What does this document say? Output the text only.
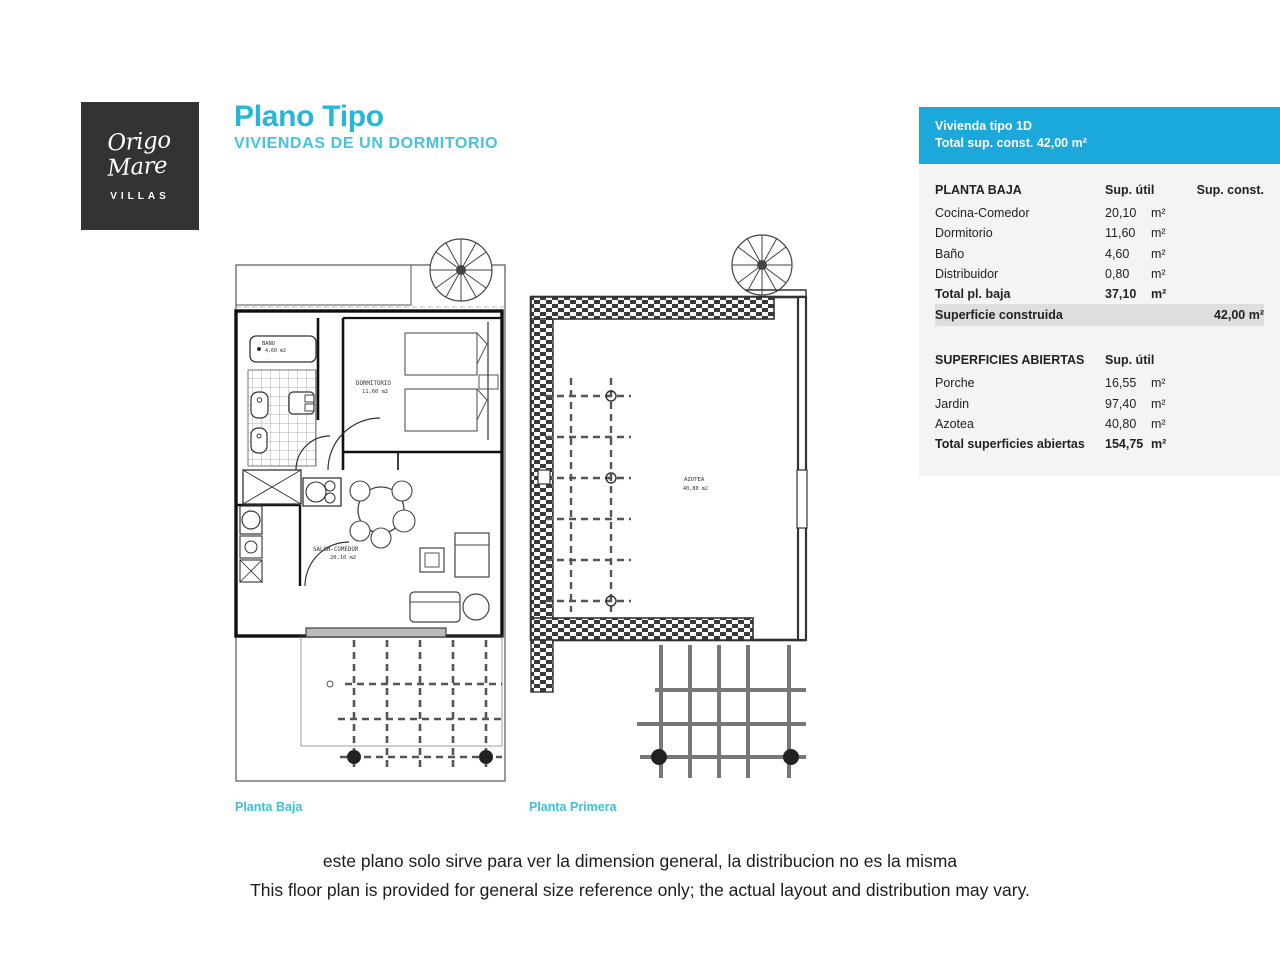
Origo
Mare
VILLAS
Plano Tipo
VIVIENDAS DE UN DORMITORIO
Vivienda tipo 1D
Total sup. const. 42,00 m²
PLANTA BAJA	Sup. útil		Sup. const.
Cocina-Comedor	20,10	m²	
Dormitorio	11,60	m²	
Baño	4,60	m²	
Distribuidor	0,80	m²	
Total pl. baja	37,10	m²	
Superficie construida			42,00 m²

SUPERFICIES ABIERTAS	Sup. útil		
Porche	16,55	m²	
Jardin	97,40	m²	
Azotea	40,80	m²	
Total superficies abiertas	154,75	m²	
BAÑO
4,60 m2
DORMITORIO
11,60 m2
SALON-COMEDOR
20,10 m2
AZOTEA
40,80 m2
Planta Baja	Planta Primera
este plano solo sirve para ver la dimension general, la distribucion no es la misma
This floor plan is provided for general size reference only; the actual layout and distribution may vary.
